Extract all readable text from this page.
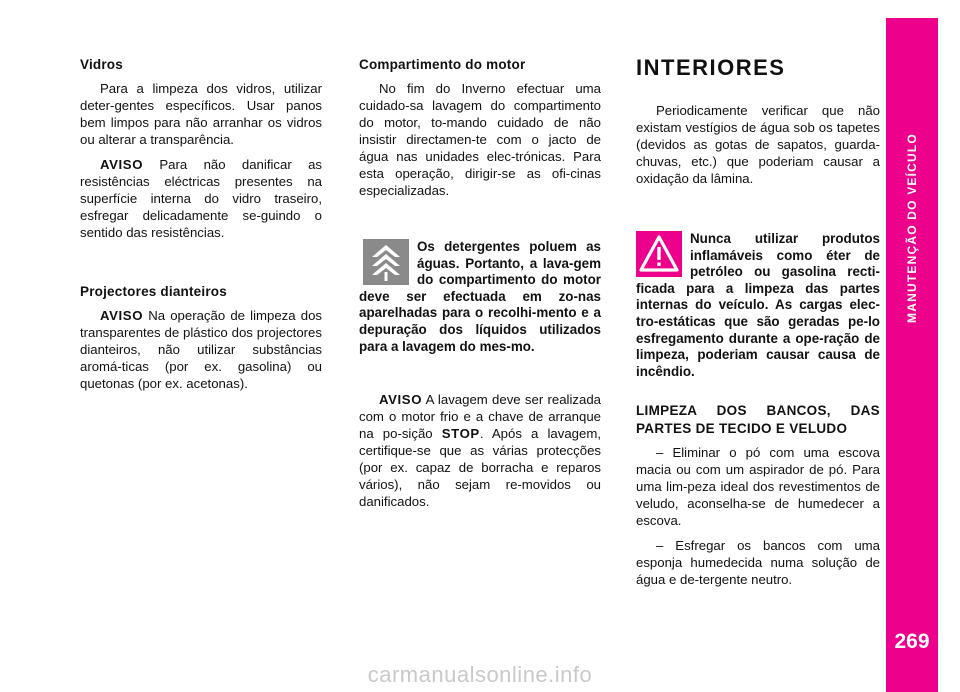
Vidros

Para a limpeza dos vidros, utilizar deter-gentes específicos. Usar panos bem limpos para não arranhar os vidros ou alterar a transparência.

AVISO Para não danificar as resistências eléctricas presentes na superfície interna do vidro traseiro, esfregar delicadamente se-guindo o sentido das resistências.

Projectores dianteiros

AVISO Na operação de limpeza dos transparentes de plástico dos projectores dianteiros, não utilizar substâncias aromá-ticas (por ex. gasolina) ou quetonas (por ex. acetonas).

Compartimento do motor

No fim do Inverno efectuar uma cuidado-sa lavagem do compartimento do motor, to-mando cuidado de não insistir directamen-te com o jacto de água nas unidades elec-trónicas. Para esta operação, dirigir-se as ofi-cinas especializadas.

Os detergentes poluem as águas. Portanto, a lava-gem do compartimento do motor deve ser efectuada em zo-nas aparelhadas para o recolhi-mento e a depuração dos líquidos utilizados para a lavagem do mes-mo.

AVISO A lavagem deve ser realizada com o motor frio e a chave de arranque na po-sição STOP. Após a lavagem, certifique-se que as várias protecções (por ex. capaz de borracha e reparos vários), não sejam re-movidos ou danificados.

INTERIORES

Periodicamente verificar que não existam vestígios de água sob os tapetes (devidos as gotas de sapatos, guarda-chuvas, etc.) que poderiam causar a oxidação da lâmina.

Nunca utilizar produtos inflamáveis como éter de petróleo ou gasolina recti-ficada para a limpeza das partes internas do veículo. As cargas elec-tro-estáticas que são geradas pe-lo esfregamento durante a ope-ração de limpeza, poderiam causar causa de incêndio.
LIMPEZA DOS BANCOS, DAS PARTES DE TECIDO E VELUDO

– Eliminar o pó com uma escova macia ou com um aspirador de pó. Para uma lim-peza ideal dos revestimentos de veludo, aconselha-se de humedecer a escova.

– Esfregar os bancos com uma esponja humedecida numa solução de água e de-tergente neutro.

MANUTENÇÃO DO VEÍCULO
269
carmanualsonline.info
